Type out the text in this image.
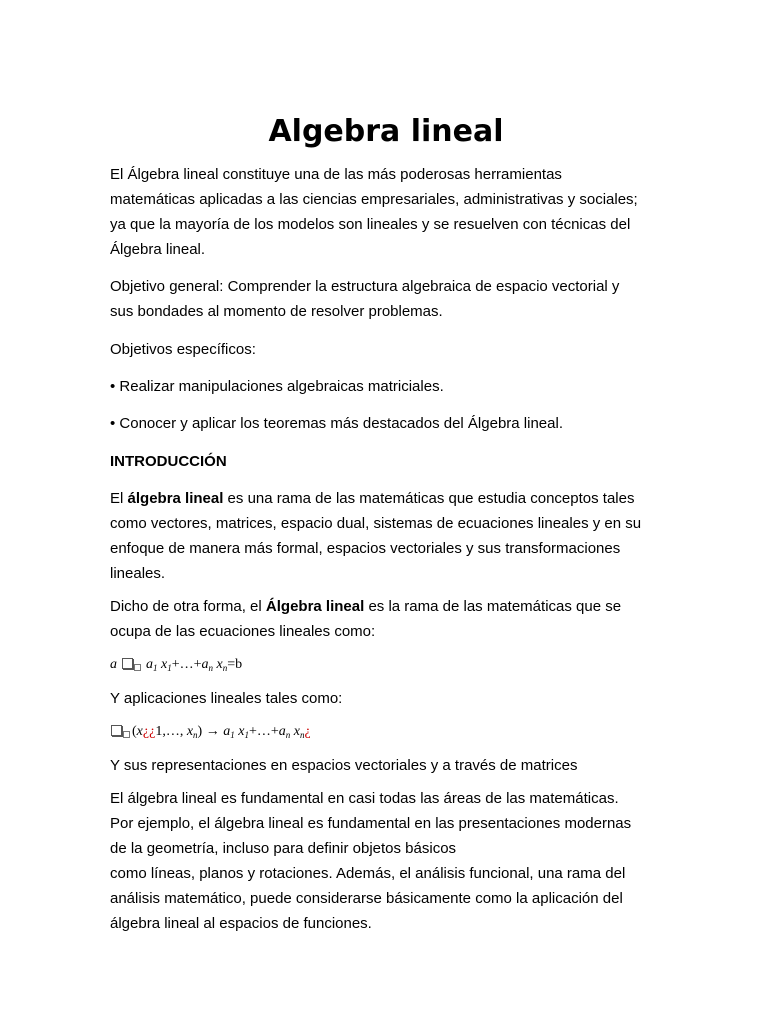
Algebra lineal

El Álgebra lineal constituye una de las más poderosas herramientas
matemáticas aplicadas a las ciencias empresariales, administrativas y sociales;
ya que la mayoría de los modelos son lineales y se resuelven con técnicas del
Álgebra lineal.

Objetivo general: Comprender la estructura algebraica de espacio vectorial y
sus bondades al momento de resolver problemas.

Objetivos específicos:

• Realizar manipulaciones algebraicas matriciales.

• Conocer y aplicar los teoremas más destacados del Álgebra lineal.

INTRODUCCIÓN

El álgebra lineal es una rama de las matemáticas que estudia conceptos tales
como vectores, matrices, espacio dual, sistemas de ecuaciones lineales y en su
enfoque de manera más formal, espacios vectoriales y sus transformaciones
lineales.

Dicho de otra forma, el Álgebra lineal es la rama de las matemáticas que se
ocupa de las ecuaciones lineales como:

a $a_1$ $x_1+\dots+a_n$ $x_n=b$

Y aplicaciones lineales tales como:

(x¿¿1,…, $x_n) \to a_1$ $x_1+\dots+a_n$ $x_n¿$

Y sus representaciones en espacios vectoriales y a través de matrices

El álgebra lineal es fundamental en casi todas las áreas de las matemáticas.
Por ejemplo, el álgebra lineal es fundamental en las presentaciones modernas
de la geometría, incluso para definir objetos básicos
como líneas, planos y rotaciones. Además, el análisis funcional, una rama del
análisis matemático, puede considerarse básicamente como la aplicación del
álgebra lineal al espacios de funciones.
